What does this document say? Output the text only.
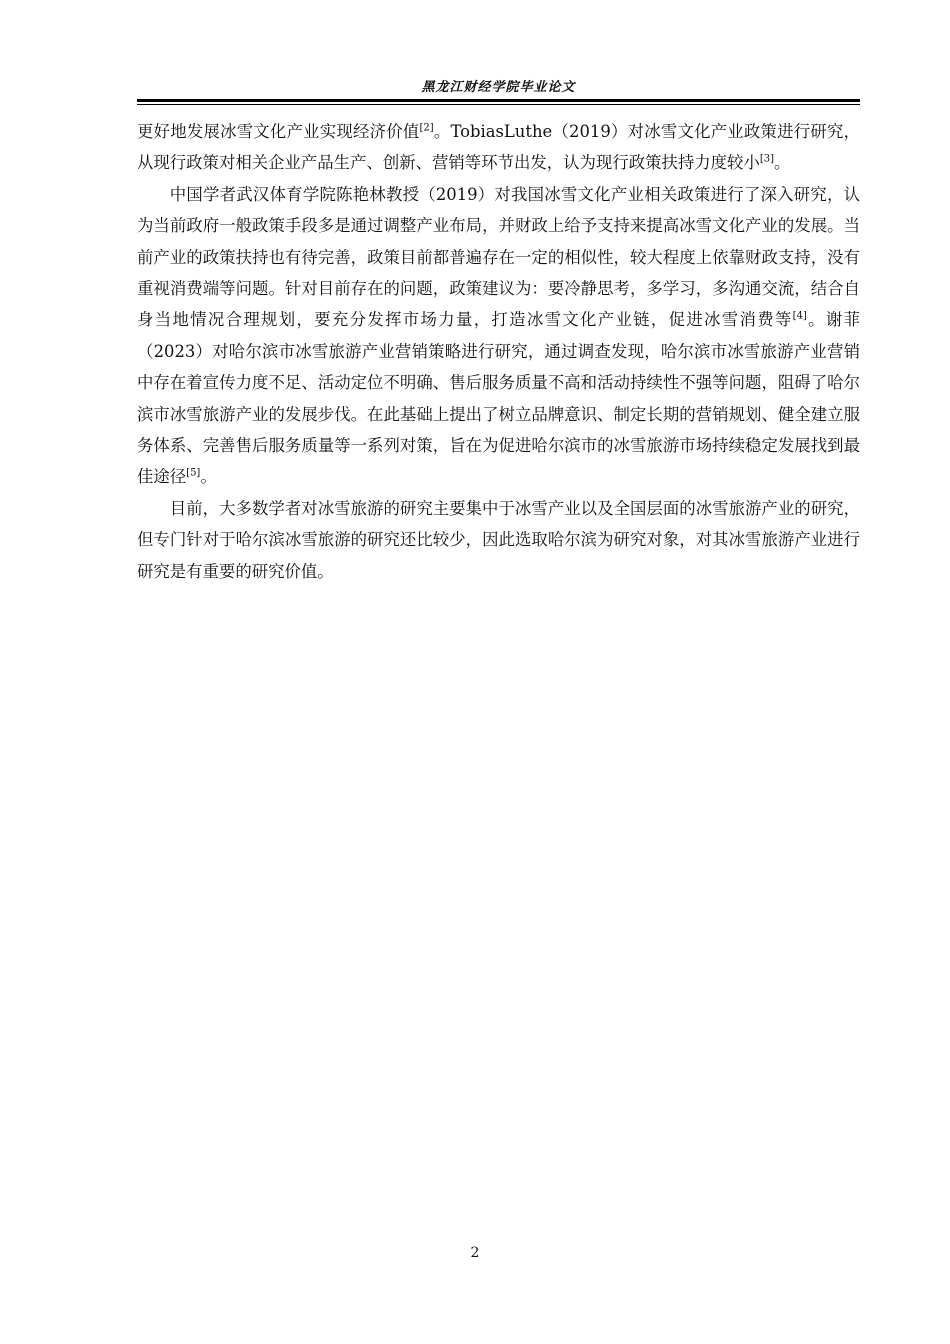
黑龙江财经学院毕业论文

更好地发展冰雪文化产业实现经济价值[2]。TobiasLuthe（2019）对冰雪文化产业政策进行研究，从现行政策对相关企业产品生产、创新、营销等环节出发，认为现行政策扶持力度较小[3]。

中国学者武汉体育学院陈艳林教授（2019）对我国冰雪文化产业相关政策进行了深入研究，认为当前政府一般政策手段多是通过调整产业布局，并财政上给予支持来提高冰雪文化产业的发展。当前产业的政策扶持也有待完善，政策目前都普遍存在一定的相似性，较大程度上依靠财政支持，没有重视消费端等问题。针对目前存在的问题，政策建议为：要冷静思考，多学习，多沟通交流，结合自身当地情况合理规划，要充分发挥市场力量，打造冰雪文化产业链，促进冰雪消费等[4]。谢菲（2023）对哈尔滨市冰雪旅游产业营销策略进行研究，通过调查发现，哈尔滨市冰雪旅游产业营销中存在着宣传力度不足、活动定位不明确、售后服务质量不高和活动持续性不强等问题，阻碍了哈尔滨市冰雪旅游产业的发展步伐。在此基础上提出了树立品牌意识、制定长期的营销规划、健全建立服务体系、完善售后服务质量等一系列对策，旨在为促进哈尔滨市的冰雪旅游市场持续稳定发展找到最佳途径[5]。

目前，大多数学者对冰雪旅游的研究主要集中于冰雪产业以及全国层面的冰雪旅游产业的研究，但专门针对于哈尔滨冰雪旅游的研究还比较少，因此选取哈尔滨为研究对象，对其冰雪旅游产业进行研究是有重要的研究价值。

2
